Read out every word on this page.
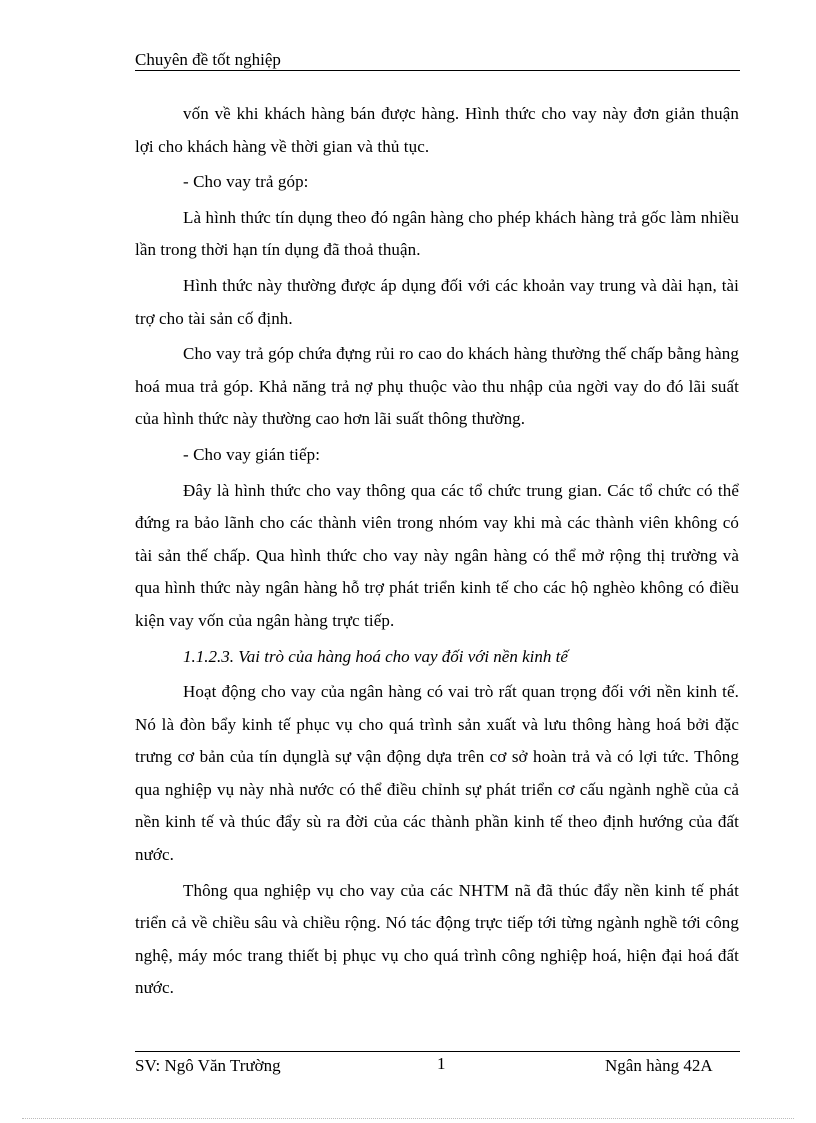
Chuyên đề tốt nghiệp

vốn về khi khách hàng bán được hàng. Hình thức cho vay này đơn giản thuận lợi cho khách hàng về thời gian và thủ tục.

- Cho vay trả góp:

Là hình thức tín dụng theo đó ngân hàng cho phép khách hàng trả gốc làm nhiều lần trong thời hạn tín dụng đã thoả thuận.

Hình thức này thường được áp dụng đối với các khoản vay trung và dài hạn, tài trợ cho tài sản cố định.

Cho vay trả góp chứa đựng rủi ro cao do khách hàng thường thế chấp bằng hàng hoá mua trả góp. Khả năng trả nợ phụ thuộc vào thu nhập của ngời vay do đó lãi suất của hình thức này thường cao hơn lãi suất thông thường.

- Cho vay gián tiếp:

Đây là hình thức cho vay thông qua các tổ chức trung gian. Các tổ chức có thể đứng ra bảo lãnh cho các thành viên trong nhóm vay khi mà các thành viên không có tài sản thế chấp. Qua hình thức cho vay này ngân hàng có thể mở rộng thị trường và qua hình thức này ngân hàng hỗ trợ phát triển kinh tế cho các hộ nghèo không có điều kiện vay vốn của ngân hàng trực tiếp.

1.1.2.3. Vai trò của hàng hoá cho vay đối với nền kinh tế

Hoạt động cho vay của ngân hàng có vai trò rất quan trọng đối với nền kinh tế. Nó là đòn bẩy kinh tế phục vụ cho quá trình sản xuất và lưu thông hàng hoá bởi đặc trưng cơ bản của tín dụnglà sự vận động dựa trên cơ sở hoàn trả và có lợi tức. Thông qua nghiệp vụ này nhà nước có thể điều chỉnh sự phát triển cơ cấu ngành nghề của cả nền kinh tế và thúc đẩy sù ra đời của các thành phần kinh tế theo định hướng của đất nước.

Thông qua nghiệp vụ cho vay của các NHTM nã đã thúc đẩy nền kinh tế phát triển cả về chiều sâu và chiều rộng. Nó tác động trực tiếp tới từng ngành nghề tới công nghệ, máy móc trang thiết bị phục vụ cho quá trình công nghiệp hoá, hiện đại hoá đất nước.

SV: Ngô Văn Trường	1	Ngân hàng 42A
